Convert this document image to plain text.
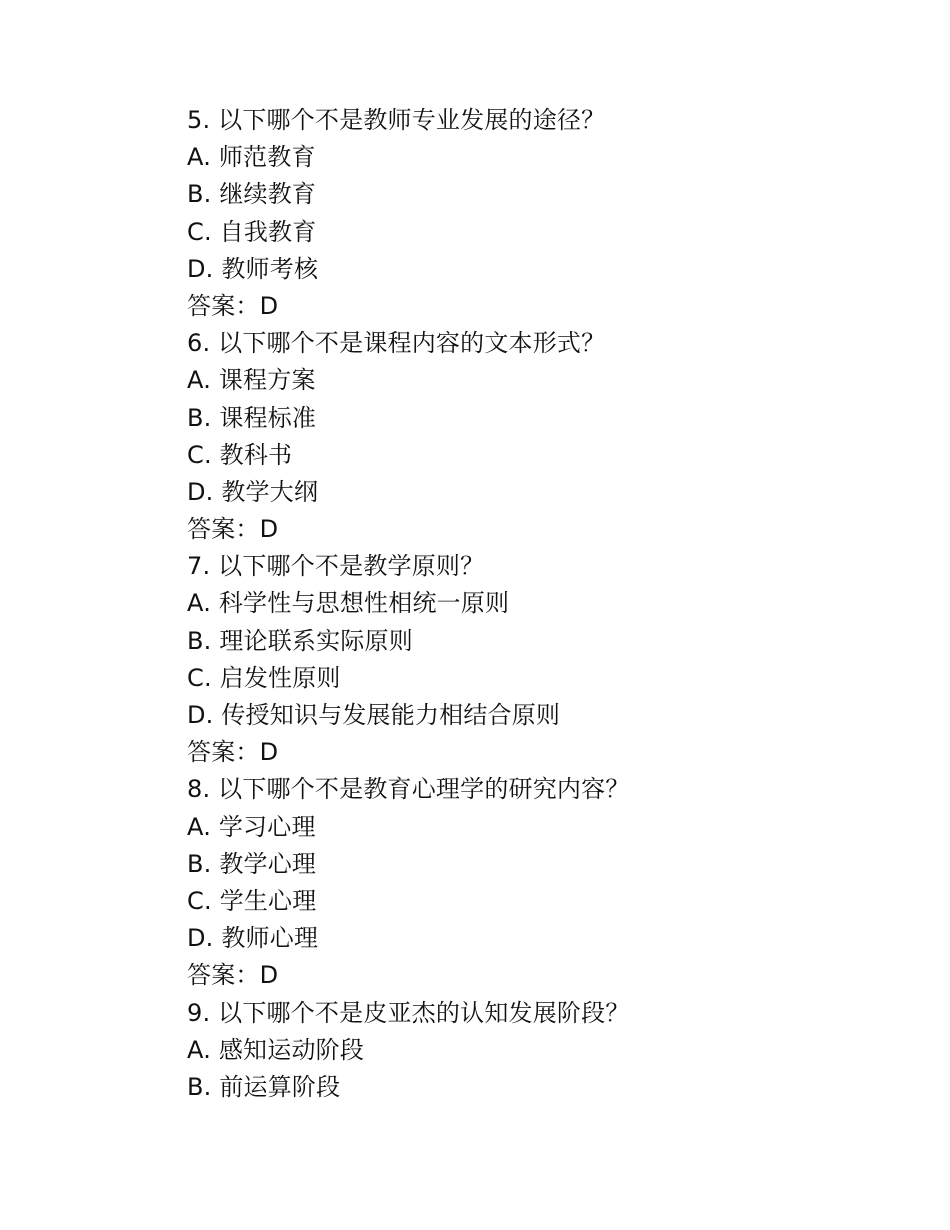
5. 以下哪个不是教师专业发展的途径？
A. 师范教育
B. 继续教育
C. 自我教育
D. 教师考核
答案：D
6. 以下哪个不是课程内容的文本形式？
A. 课程方案
B. 课程标准
C. 教科书
D. 教学大纲
答案：D
7. 以下哪个不是教学原则？
A. 科学性与思想性相统一原则
B. 理论联系实际原则
C. 启发性原则
D. 传授知识与发展能力相结合原则
答案：D
8. 以下哪个不是教育心理学的研究内容？
A. 学习心理
B. 教学心理
C. 学生心理
D. 教师心理
答案：D
9. 以下哪个不是皮亚杰的认知发展阶段？
A. 感知运动阶段
B. 前运算阶段
